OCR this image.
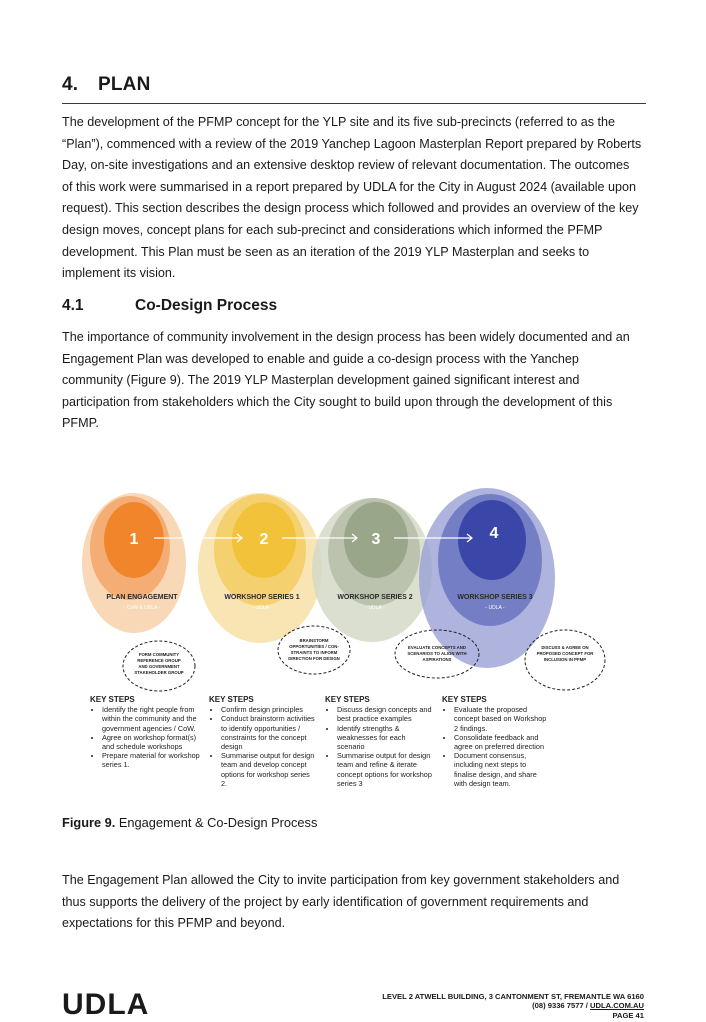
4. PLAN
The development of the PFMP concept for the YLP site and its five sub-precincts (referred to as the “Plan”), commenced with a review of the 2019 Yanchep Lagoon Masterplan Report prepared by Roberts Day, on-site investigations and an extensive desktop review of relevant documentation. The outcomes of this work were summarised in a report prepared by UDLA for the City in August 2024 (available upon request). This section describes the design process which followed and provides an overview of the key design moves, concept plans for each sub-precinct and considerations which informed the PFMP development. This Plan must be seen as an iteration of the 2019 YLP Masterplan and seeks to implement its vision.
4.1	Co-Design Process
The importance of community involvement in the design process has been widely documented and an Engagement Plan was developed to enable and guide a co-design process with the Yanchep community (Figure 9). The 2019 YLP Masterplan development gained significant interest and participation from stakeholders which the City sought to build upon through the development of this PFMP.
1	2	3	4
PLAN ENGAGEMENT	WORKSHOP SERIES 1	WORKSHOP SERIES 2	WORKSHOP SERIES 3
- CoW & UDLA -	- UDLA -	- UDLA -	- UDLA -
FORM COMMUNITY REFERENCE GROUP AND GOVERNMENT STAKEHOLDER GROUP
BRAINSTORM OPPORTUNITIES / CON-STRAINTS TO INFORM DIRECTION FOR DESIGN
EVALUATE CONCEPTS AND SCENARIOS TO ALIGN WITH ASPIRATIONS
DISCUSS & AGREE ON PROPOSED CONCEPT FOR INCLUSION IN PFMP
KEY STEPS
• Identify the right people from within the community and the government agencies / CoW.
• Agree on workshop format(s) and schedule workshops
• Prepare material for workshop series 1.
KEY STEPS
• Confirm design principles
• Conduct brainstorm activities to identify opportunities / constraints for the concept design
• Summarise output for design team and develop concept options for workshop series 2.
KEY STEPS
• Discuss design concepts and best practice examples
• Identify strengths & weaknesses for each scenario
• Summarise output for design team and refine & iterate concept options for workshop series 3
KEY STEPS
• Evaluate the proposed concept based on Workshop 2 findings.
• Consolidate feedback and agree on preferred direction
• Document consensus, including next steps to finalise design, and share with design team.
Figure 9. Engagement & Co-Design Process
The Engagement Plan allowed the City to invite participation from key government stakeholders and thus supports the delivery of the project by early identification of government requirements and expectations for this PFMP and beyond.
UDLA	LEVEL 2 ATWELL BUILDING, 3 CANTONMENT ST, FREMANTLE WA 6160
(08) 9336 7577 / UDLA.COM.AU
PAGE 41
